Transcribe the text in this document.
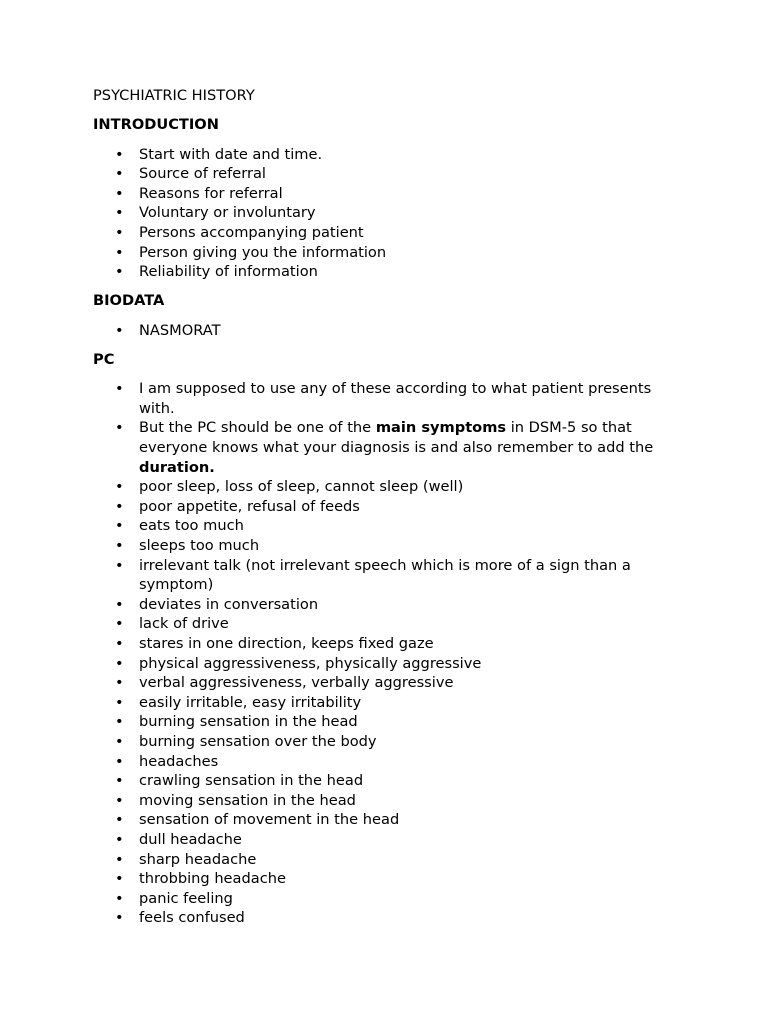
PSYCHIATRIC HISTORY
INTRODUCTION
• Start with date and time.
• Source of referral
• Reasons for referral
• Voluntary or involuntary
• Persons accompanying patient
• Person giving you the information
• Reliability of information
BIODATA
• NASMORAT
PC
• I am supposed to use any of these according to what patient presents with.
• But the PC should be one of the main symptoms in DSM-5 so that everyone knows what your diagnosis is and also remember to add the duration.
• poor sleep, loss of sleep, cannot sleep (well)
• poor appetite, refusal of feeds
• eats too much
• sleeps too much
• irrelevant talk (not irrelevant speech which is more of a sign than a symptom)
• deviates in conversation
• lack of drive
• stares in one direction, keeps fixed gaze
• physical aggressiveness, physically aggressive
• verbal aggressiveness, verbally aggressive
• easily irritable, easy irritability
• burning sensation in the head
• burning sensation over the body
• headaches
• crawling sensation in the head
• moving sensation in the head
• sensation of movement in the head
• dull headache
• sharp headache
• throbbing headache
• panic feeling
• feels confused
